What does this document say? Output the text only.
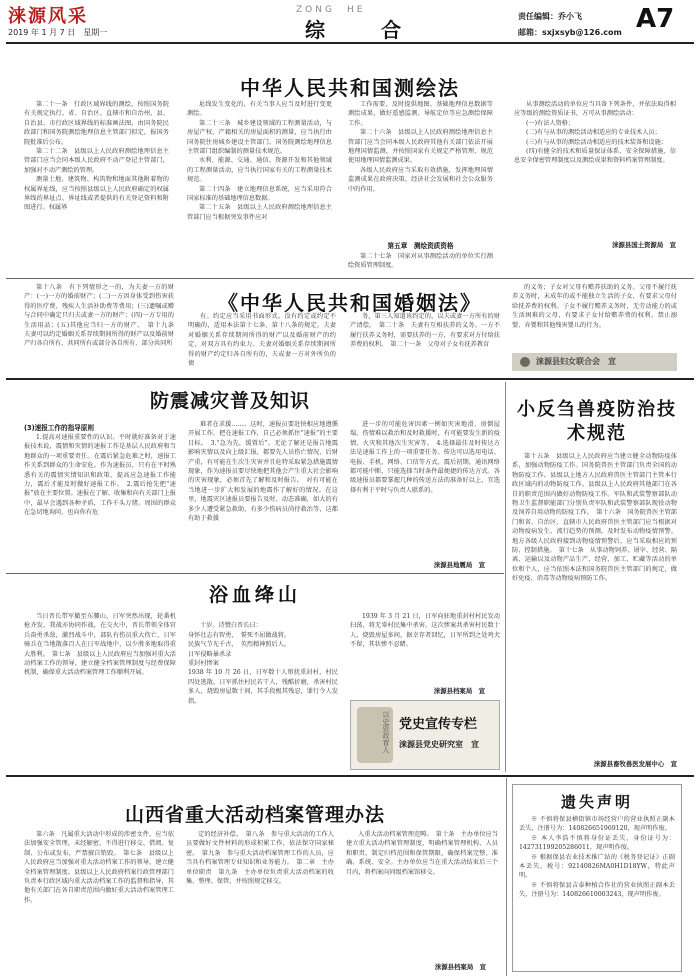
涞源风采
2019 年 1 月 7 日　星期一
ZONG　HE
综　合
责任编辑：乔小飞
邮箱：sxjxsyb@126.com A7
中华人民共和国测绘法

第二十一条　行政区域界线的测绘，按照国务院有关规定执行。省、自治区、直辖市和自治州、县、自治县、市行政区域界线的标准画法图，由国务院民政部门和国务院测绘地理信息主管部门拟定，报国务院批准后公布。

第二十二条　县级以上人民政府测绘地理信息主管部门应当会同本级人民政府不动产登记主管部门，加强对不动产测绘的管理。

测量土地、建筑物、构筑物和地面其他附着物的权属界址线，应当按照县级以上人民政府确定的权属界线的界址点、界址线或者提供的有关登记资料和附图进行。权属界

址线发生变化的，有关当事人应当及时进行变更测绘。

第二十三条　城乡建设领域的工程测量活动，与房屋产权、产籍相关的房屋面积的测量，应当执行由国务院住房城乡建设主管部门、国务院测绘地理信息主管部门组织编制的测量技术规范。

水利、能源、交通、通信、资源开发和其他领域的工程测量活动，应当执行国家有关的工程测量技术规范。

第二十四条　建立地理信息系统，应当采用符合国家标准的基础地理信息数据。

第二十五条　县级以上人民政府测绘地理信息主管部门应当根据突发事件应对

工作需要，及时提供地图、基础地理信息数据等测绘成果，做好遥感监测、导航定位等应急测绘保障工作。

第二十六条　县级以上人民政府测绘地理信息主管部门应当会同本级人民政府其他有关部门依法开展地理国情监测，并按照国家有关规定严格管理、规范使用地理国情监测成果。

各级人民政府应当采取有效措施，发挥地理国情监测成果在政府决策、经济社会发展和社会公众服务中的作用。

第五章　测绘资质资格

第二十七条　国家对从事测绘活动的单位实行测绘资质管理制度。

从事测绘活动的单位应当具备下列条件，并依法取得相应等级的测绘资质证书，方可从事测绘活动：

(一)有法人资格；

(二)有与从事的测绘活动相适应的专业技术人员；

(三)有与从事的测绘活动相适应的技术装备和设施；

(四)有健全的技术和质量保证体系、安全保障措施、信息安全保密管理制度以及测绘成果和资料档案管理制度。

涞源县国土资源局　宣

第十八条　有下列情形之一的，为夫妻一方的财产：(一)一方的婚前财产；(二)一方因身体受到伤害获得的医疗费、残疾人生活补助费等费用；(三)遗嘱或赠与合同中确定只归夫或妻一方的财产；(四)一方专用的生活用品；(五)其他应当归一方的财产。　第十九条　夫妻可以约定婚姻关系存续期间所得的财产以及婚前财产归各自所有、共同所有或部分各自所有、部分共同所

《中华人民共和国婚姻法》

有。约定应当采用书面形式。没有约定或约定不明确的，适用本法第十七条、第十八条的规定。夫妻对婚姻关系存续期间所得的财产以及婚前财产的约定，对双方具有约束力。夫妻对婚姻关系存续期间所得的财产约定归各自所有的，夫或妻一方对外所负的债

务，第三人知道该约定的，以夫或妻一方所有的财产清偿。　第二十条　夫妻有互相扶养的义务。一方不履行扶养义务时，需要扶养的一方，有要求对方付给扶养费的权利。　第二十一条　父母对子女有抚养教育

的义务；子女对父母有赡养扶助的义务。父母不履行抚养义务时，未成年的或不能独立生活的子女，有要求父母付给抚养费的权利。子女不履行赡养义务时，无劳动能力的或生活困难的父母，有要求子女付给赡养费的权利。禁止溺婴、弃婴和其他残害婴儿的行为。

涞源县妇女联合会　宣
防震减灾普及知识
(3)速报工作的指导原则

1.提高对速报重要性的认识。平时就好准备对于速报技术说，震情和灾情的速报工作是基层人民政府和当地群众的一项重要责任。在震后紧急危难之时，速报工作关系到群众的生命安危。作为速报员，只有在平时熟悉有关的震情灾情知识和政策、提高应急速报工作能力，震后才能及时做好速报工作。　2.震后抢先把“速报”放在主要位置。速报在了解、收集和向有关部门上报中，最早会遇到各种矛盾，工作千头万绪。周围的群众在急切地询问，也向你有危

难者在求援……。这时，速报员要赶快相应地遵循开展工作，把在速报工作，自己必须抓住“速报”的主要目标。　3.“急为先，缓置后”。无论了解还是报告地震影响灾情以及向上级汇报，都要先人员伤亡情况、后财产重，有可能在生次生灾害并且危特采取紧急措施震情现象，作为速报员要尽快地把其他会产生重大社会影响的灾害现象，必须首先了解和及时报告。　对有可能在当地进一步扩大和发展的地震作了解好的情况。在这里，地震灾区速报员要报告及时、动态准确，如大的有多少人遭受紧急救助，有多少伤病员尚待救治等，这都有助于救援

进一步的可能危害因素一例如灾害地滑、房倒屋塌、伤情难以救治和及时救援时，有可能要发生新的疫情、火灾和其他次生灾害等。　4.选择最佳及时传达方法是速报工作上的一项重要任务。传达可以选用电话、电报、手机、网络、口信等方式。震后初期，通讯网络都可能中断，只能选择当时条件最便捷的传达方式。各级速报员都要掌握几种的传送方法的准备好以上，宜选择有利于平时与负责人联系的。

涞源县地震局　宣
浴血绛山

当日晋长带军撤至东腰山，日军突然出现，轮番机枪齐发，我战亦协同作战，在交火中，晋长带领全体官兵奋勇杀敌，激烈战斗中，部队有伤员重大伤亡，日军骑兵在当地散落百人在日军战地中，以少胜多地取得重大胜利。　第七条　县级以上人民政府应当加强对重大活动档案工作的领导，建立健全档案管理制度与经费保障机制，确保重大活动档案管理工作顺利开展。

十岁。诗赞白晋长曰：
身怀壮志有智勇，　誓死不屈做战将。
民族气节光千古，　英烈精神照后人。
日军侵略暴杀录
重封村惨案
1938 年 10 月 26 日，日军数十人窜扰重封村，村民四处逃散，日军抓住村民若干人，残酷折磨，杀害村民多人，烧毁房屋数十间，其手段极其残忍，罪行令人发指。

1939 年 3 月 21 日，日军向驻地重封村村民发动扫荡，将无辜村民集中杀害。这次惨案共杀害村民数十人，烧毁房屋多间，据幸存者回忆，日军所到之处鸡犬不留，其状惨不忍睹。

涞源县档案局　宣
以史资政育人 党史宣传专栏
涞源县党史研究室　宣
小反刍兽疫防治技术规范

第十五条　县级以上人民政府应当建立健全动物防疫体系，加强动物防疫工作。国务院兽医主管部门负责全国的动物防疫工作。县级以上地方人民政府兽医主管部门主管本行政区域内的动物防疫工作。县级以上人民政府其他部门在各自的职责范围内做好动物防疫工作。军队和武装警察部队动物卫生监督职能部门分别负责军队和武装警察部队现役动物及饲养自用动物的防疫工作。　第十六条　国务院兽医主管部门和省、自治区、直辖市人民政府兽医主管部门应当根据对动物疫病发生、流行趋势的预测，及时发布动物疫情预警。地方各级人民政府接到动物疫情预警后，应当采取相应的预防、控制措施。　第十七条　从事动物饲养、屠宰、经营、隔离、运输以及动物产品生产、经营、加工、贮藏等活动的单位和个人，应当依照本法和国务院兽医主管部门的规定，做好免疫、消毒等动物疫病预防工作。

涞源县畜牧兽医发展中心　宣
山西省重大活动档案管理办法

第六条　凡属重大活动中形成的涉密文件，应当依法加强安全管理，未经解密，不得进行移交、借阅、复制、公布或发布，严禁擅自销毁。　第七条　县级以上人民政府应当加强对重大活动档案工作的领导，建立健全档案管理制度。县级以上人民政府档案行政管理部门负责本行政区域内重大活动档案工作的监督和指导，其他有关部门在各自职责范围内做好重大活动档案管理工作。

定的经济补偿。　第八条　参与重大活动的工作人员要做好文件材料的形成积累工作，依法保守国家秘密。　第九条　参与重大活动档案管理工作的人员，应当具有档案管理专业知识和业务能力。　第二章　主办单位职责　第九条　主办单位负责重大活动档案的收集、整理、保管，并按照规定移交。

入重大活动档案管理范畴。　第十条　主办单位应当建立重大活动档案管理制度，明确档案管理机构、人员和职责，制定归档范围和保管期限，确保档案完整、准确、系统、安全。主办单位应当在重大活动结束后三个月内，将档案向同级档案馆移交。

涞源县档案局　宣
遗失声明

※ 不慎将保县横街镇市场经营户的营业执照正副本丢失，注册号为：140826651969120，现声明作废。

※ 本人李浩不慎将身份证丢失，身份证号为：142731199205286011，现声明作废。

※ 根据保县农业技术推广站的《税务登记证》正副本丢失，税号：92140826MA0H1D18YW，特此声明。

※ 不慎将保县吉泰种植合作社的营业执照正副本丢失，注册号为：140826610003243，现声明作废。
